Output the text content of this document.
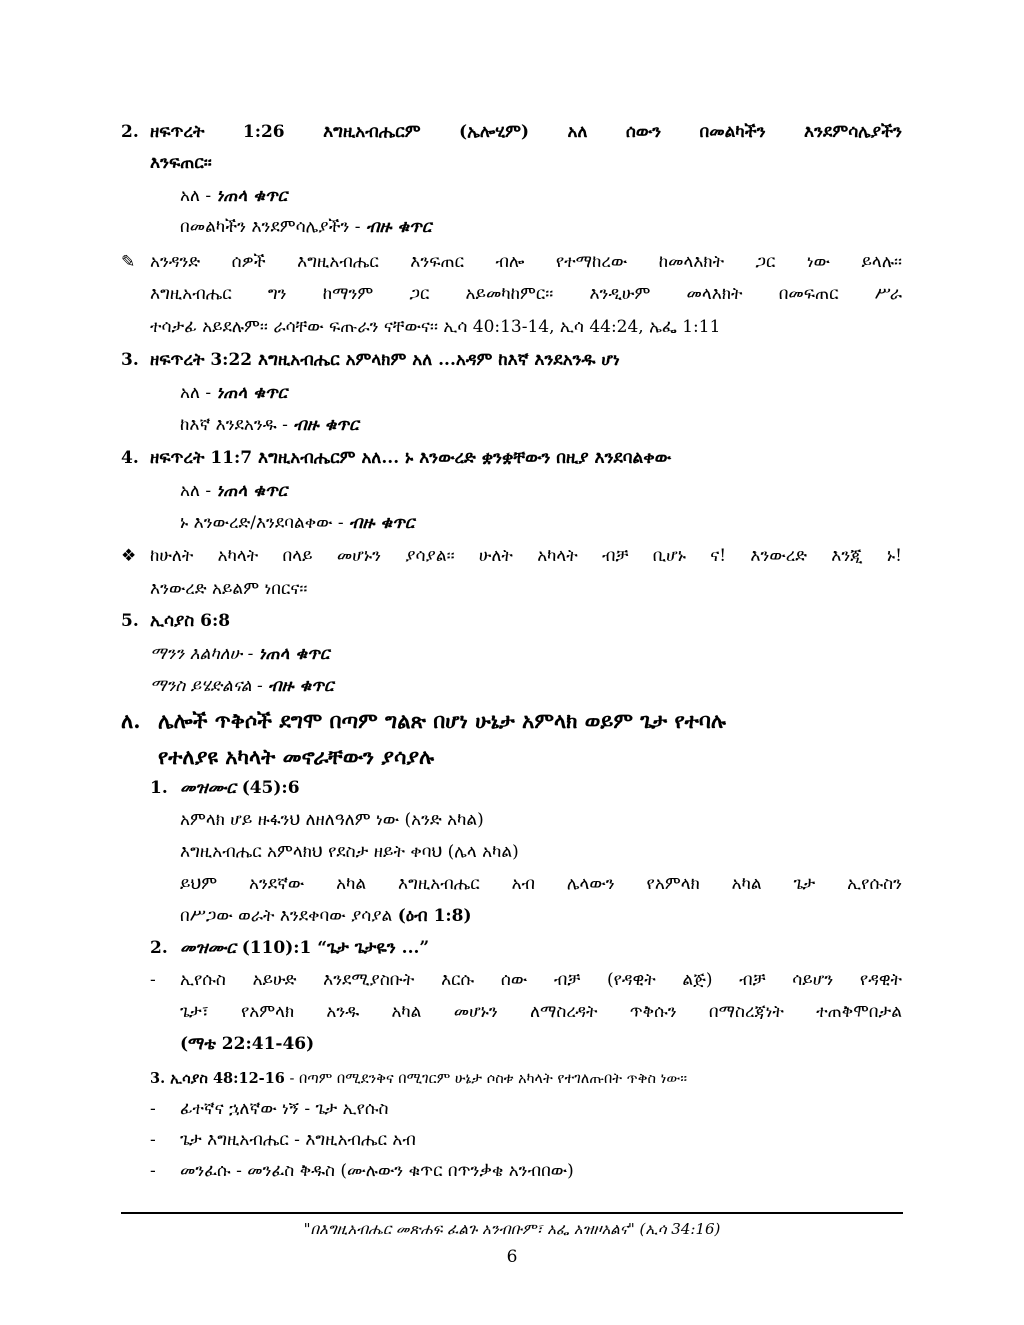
2. ዘፍጥረት 1:26 እግዚአብሔርም (ኤሎሂም) አለ ሰውን በመልካችን እንደምሳሌያችን
እንፍጠር፡፡
አለ - ነጠላ ቁጥር
በመልካችን እንደምሳሌያችን - ብዙ ቁጥር
✎ አንዳንድ ሰዎች እግዚአብሔር እንፍጠር ብሎ የተማከረው ከመላእክት ጋር ነው ይላሉ፡፡
እግዚአብሔር ግን ከማንም ጋር አይመካከምር፡፡ እንዲሁም መላእክት በመፍጠር ሥራ
ተሳታፊ አይደሉም፡፡ ራሳቸው ፍጡራን ናቸውና፡፡ ኢሳ 40:13-14, ኢሳ 44:24, ኤፌ 1:11
3. ዘፍጥረት 3:22 እግዚአብሔር አምላክም አለ ...አዳም ከእኛ እንደአንዱ ሆነ
አለ - ነጠላ ቁጥር
ከእኛ እንደአንዱ - ብዙ ቁጥር
4. ዘፍጥረት 11:7 እግዚአብሔርም አለ... ኑ እንውረድ ቋንቋቸውን በዚያ እንደባልቀው
አለ - ነጠላ ቁጥር
ኑ እንውረድ/እንደባልቀው - ብዙ ቁጥር
❖ ከሁለት አካላት በላይ መሆኑን ያሳያል፡፡ ሁለት አካላት ብቻ ቢሆኑ ና! እንውረድ እንጂ ኑ!
እንውረድ አይልም ነበርና፡፡
5. ኢሳያስ 6:8
ማንን እልካለሁ - ነጠላ ቁጥር
ማንስ ይሄድልናል - ብዙ ቁጥር
ለ. ሌሎች ጥቅሶች ደግሞ በጣም ግልጽ በሆነ ሁኔታ አምላክ ወይም ጌታ የተባሉ
የተለያዩ አካላት መኖራቸውን ያሳያሉ
1. መዝሙር (45):6
አምላክ ሆይ ዙፋንህ ለዘለዓለም ነው (አንድ አካል)
እግዚአብሔር አምላክህ የደስታ ዘይት ቀባህ (ሌላ አካል)
ይህም አንደኛው አካል እግዚአብሔር አብ ሌላውን የአምላክ አካል ጌታ ኢየሱስን
በሥጋው ወራት እንደቀባው ያሳያል (ዕብ 1:8)
2. መዝሙር (110):1 “ጌታ ጌታዬን ...”
- ኢየሱስ አይሁድ እንደሚያስቡት እርሱ ሰው ብቻ (የዳዊት ልጅ) ብቻ ሳይሆን የዳዊት
ጌታ፣ የአምላክ አንዱ አካል መሆኑን ለማስረዳት ጥቅሱን በማስረጃነት ተጠቅሞበታል
(ማቴ 22:41-46)
3. ኢሳያስ 48:12-16 - በጣም በሚደንቅና በሚገርም ሁኔታ ሶስቱ አካላት የተገለጡበት ጥቅስ ነው፡፡
- ፊተኛና ኋለኛው ነኝ - ጌታ ኢየሱስ
- ጌታ እግዚአብሔር - እግዚአብሔር አብ
- መንፈሱ - መንፈስ ቅዱስ (ሙሉውን ቁጥር በጥንቃቄ አንብበው)
"በእግዚአብሔር መጽሐፍ ፈልጉ አንብቡም፣ አፌ አዝዞአልና" (ኢሳ 34:16)
6
